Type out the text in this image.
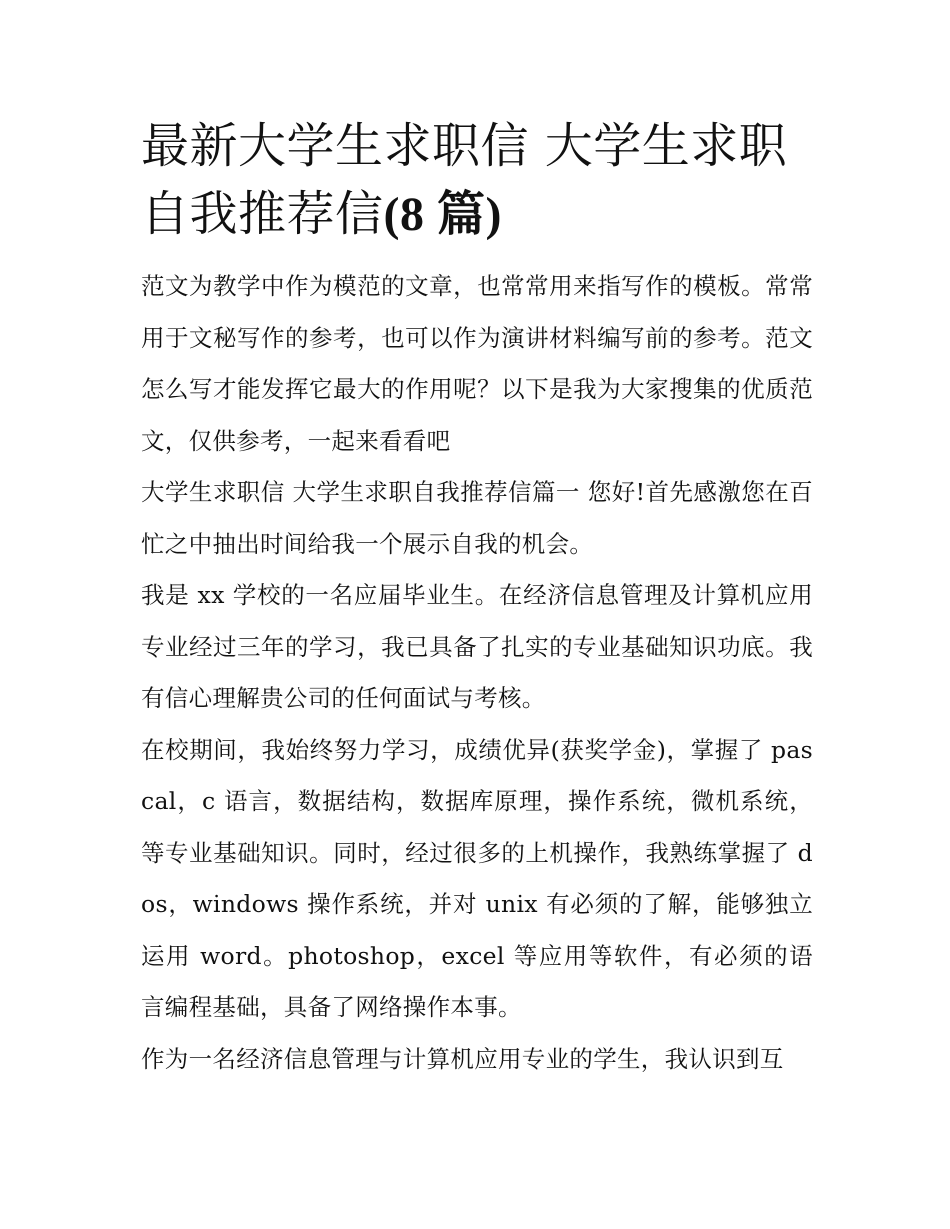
最新大学生求职信 大学生求职自我推荐信(8 篇)

范文为教学中作为模范的文章，也常常用来指写作的模板。常常用于文秘写作的参考，也可以作为演讲材料编写前的参考。范文怎么写才能发挥它最大的作用呢？以下是我为大家搜集的优质范文，仅供参考，一起来看看吧

大学生求职信 大学生求职自我推荐信篇一 您好!首先感激您在百忙之中抽出时间给我一个展示自我的机会。

我是 xx 学校的一名应届毕业生。在经济信息管理及计算机应用专业经过三年的学习，我已具备了扎实的专业基础知识功底。我有信心理解贵公司的任何面试与考核。

在校期间，我始终努力学习，成绩优异(获奖学金)，掌握了 pascal，c 语言，数据结构，数据库原理，操作系统，微机系统，等专业基础知识。同时，经过很多的上机操作，我熟练掌握了 dos，windows 操作系统，并对 unix 有必须的了解，能够独立运用 word。photoshop，excel 等应用等软件，有必须的语言编程基础，具备了网络操作本事。

作为一名经济信息管理与计算机应用专业的学生，我认识到互
